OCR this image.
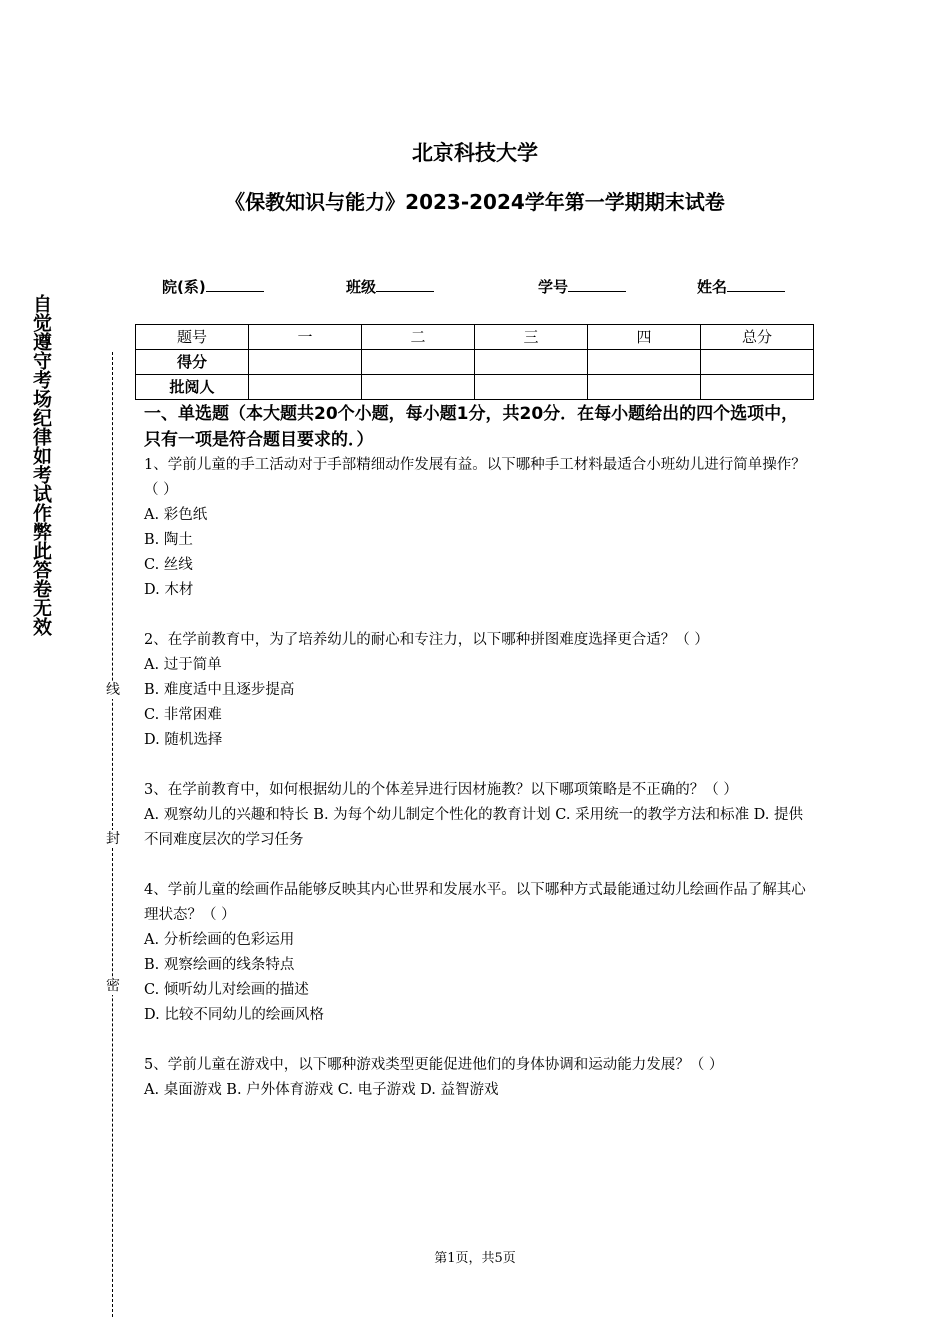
北京科技大学
《保教知识与能力》2023-2024学年第一学期期末试卷
院(系)	班级	学号	姓名
题号	一	二	三	四	总分
得分					
批阅人					
自觉遵守考场纪律如考试作弊此答卷无效
线
封
密
一、单选题（本大题共20个小题，每小题1分，共20分．在每小题给出的四个选项中，只有一项是符合题目要求的．）
1、学前儿童的手工活动对于手部精细动作发展有益。以下哪种手工材料最适合小班幼儿进行简单操作？（ ）
A. 彩色纸
B. 陶土
C. 丝线
D. 木材
2、在学前教育中，为了培养幼儿的耐心和专注力，以下哪种拼图难度选择更合适？（ ）
A. 过于简单
B. 难度适中且逐步提高
C. 非常困难
D. 随机选择
3、在学前教育中，如何根据幼儿的个体差异进行因材施教？以下哪项策略是不正确的？（ ）
A. 观察幼儿的兴趣和特长 B. 为每个幼儿制定个性化的教育计划 C. 采用统一的教学方法和标准 D. 提供不同难度层次的学习任务
4、学前儿童的绘画作品能够反映其内心世界和发展水平。以下哪种方式最能通过幼儿绘画作品了解其心理状态？（ ）
A. 分析绘画的色彩运用
B. 观察绘画的线条特点
C. 倾听幼儿对绘画的描述
D. 比较不同幼儿的绘画风格
5、学前儿童在游戏中，以下哪种游戏类型更能促进他们的身体协调和运动能力发展？（ ）
A. 桌面游戏 B. 户外体育游戏 C. 电子游戏 D. 益智游戏
第1页，共5页
